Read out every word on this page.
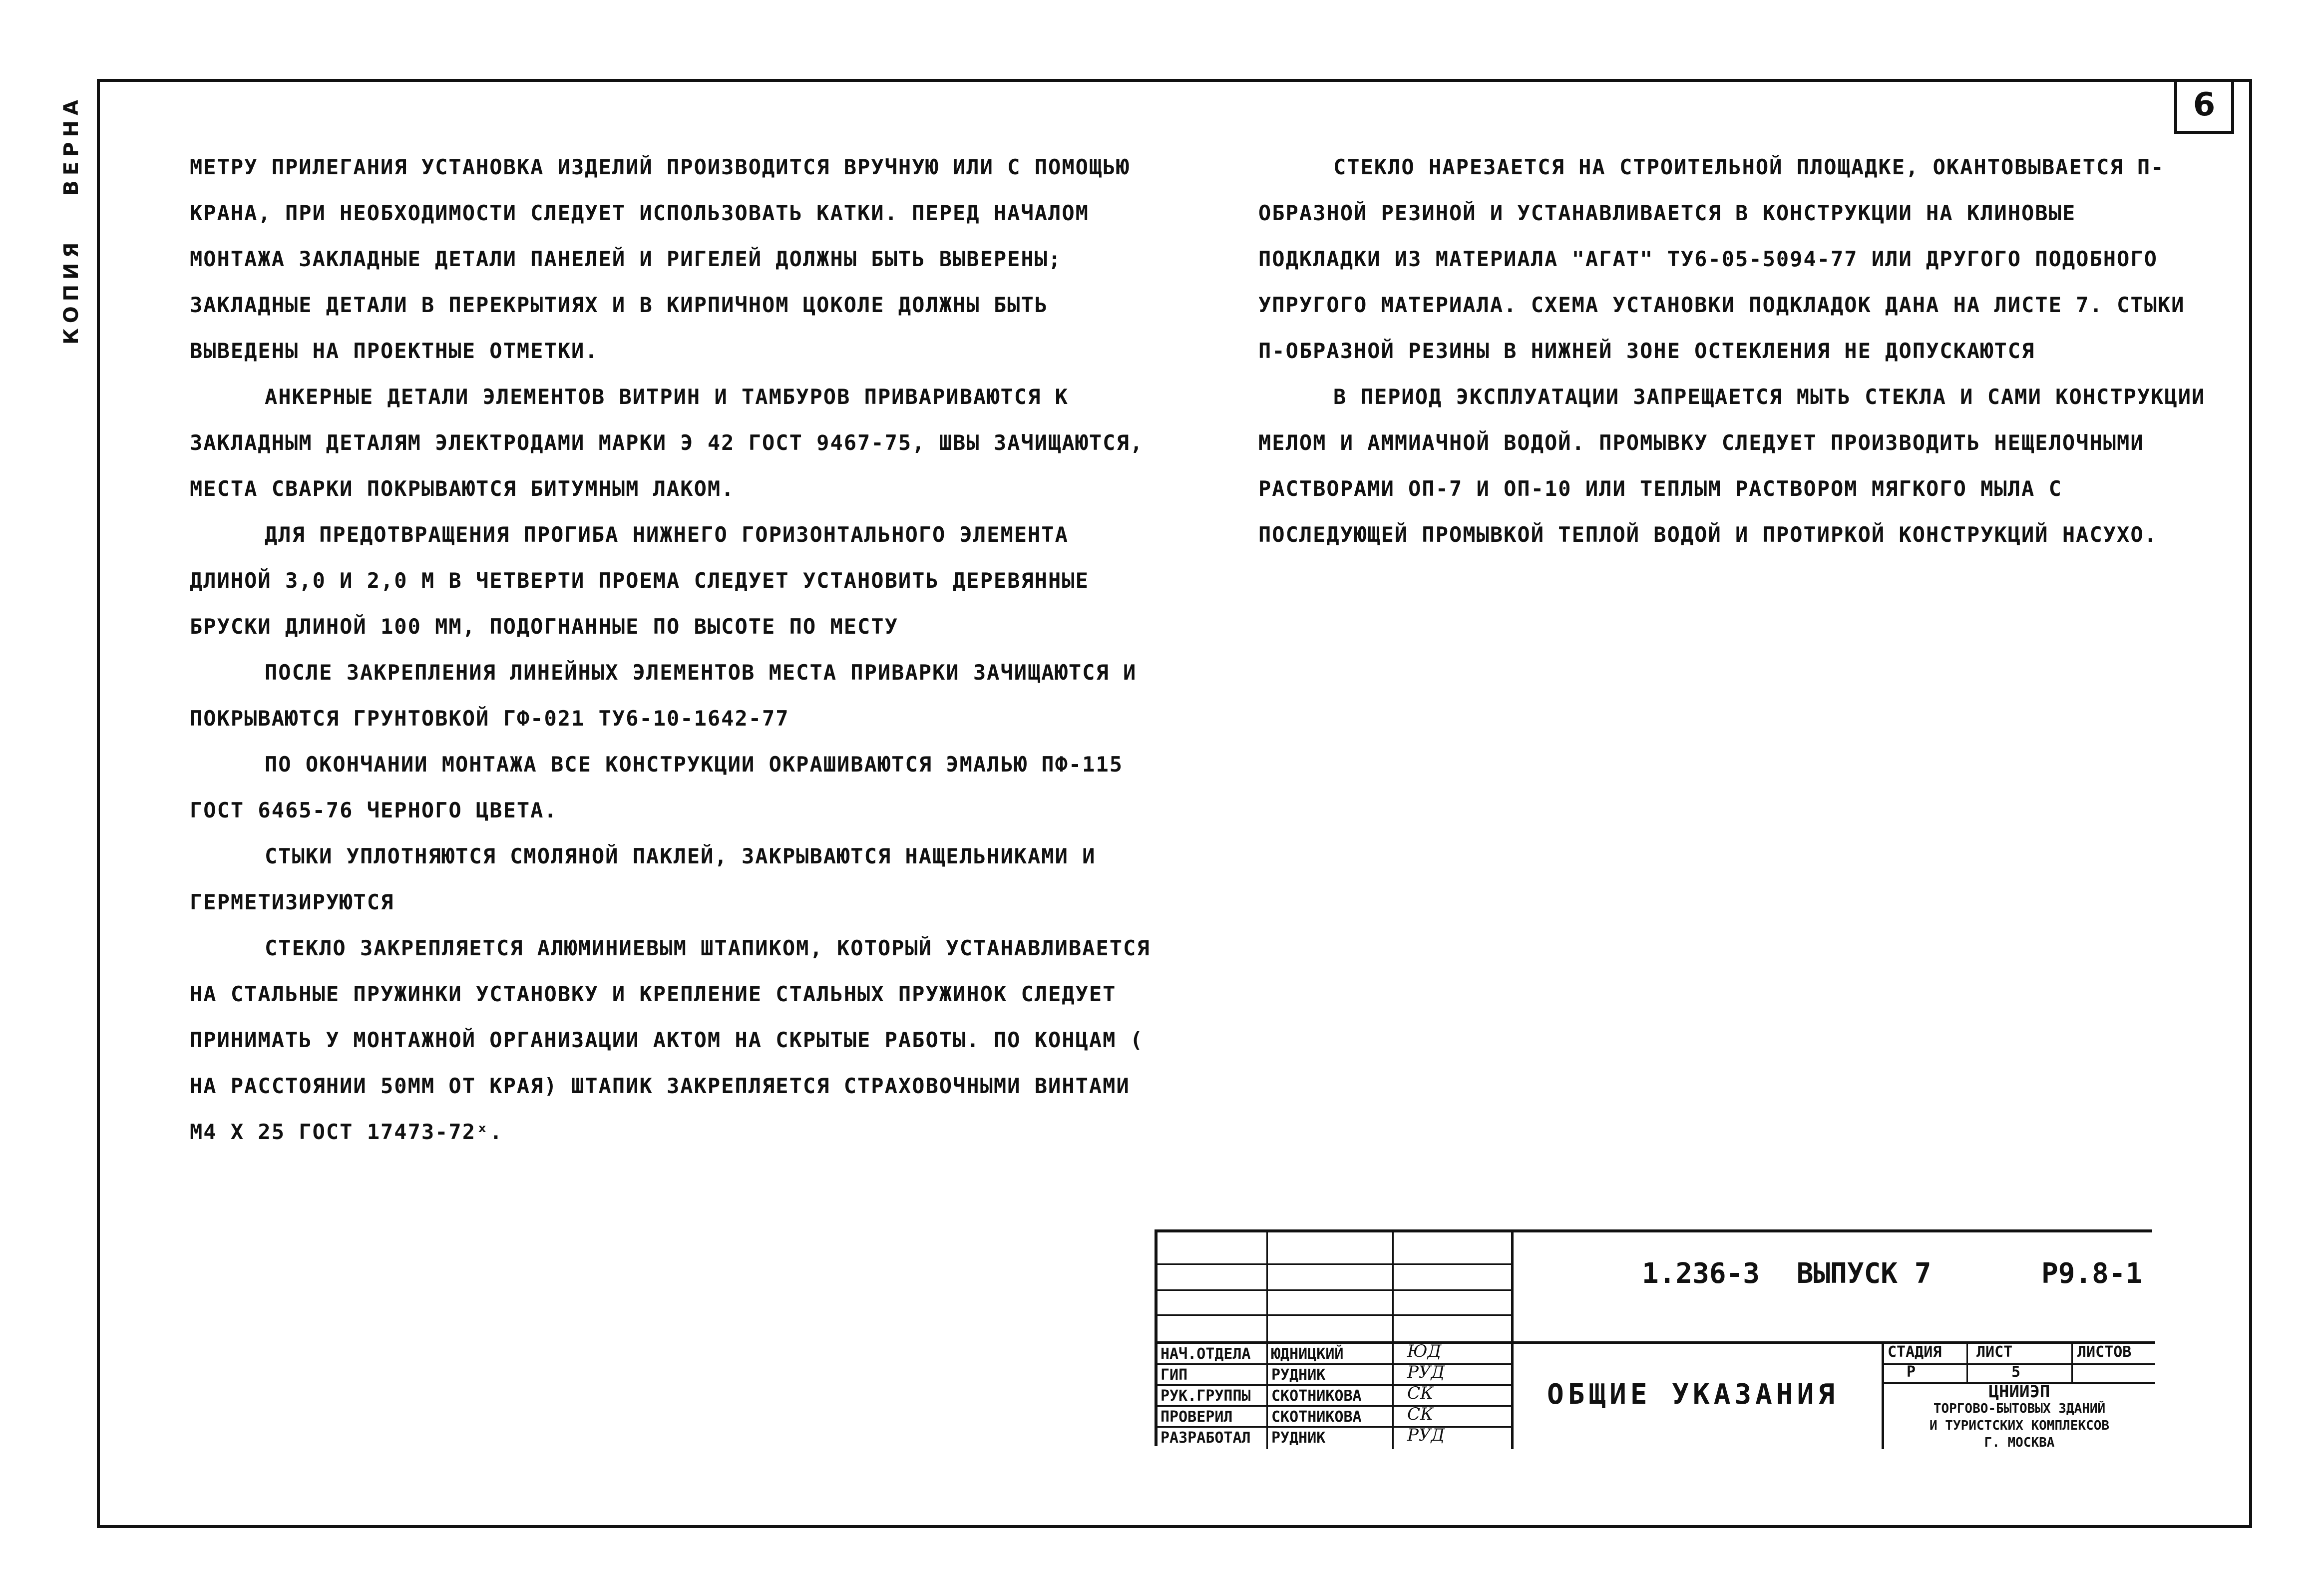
КОПИЯ ВЕРНА	6

МЕТРУ ПРИЛЕГАНИЯ УСТАНОВКА ИЗДЕЛИЙ ПРОИЗВОДИТСЯ ВРУЧНУЮ ИЛИ С ПОМОЩЬЮ КРАНА, ПРИ НЕОБХОДИМОСТИ СЛЕДУЕТ ИСПОЛЬЗОВАТЬ КАТКИ. ПЕРЕД НАЧАЛОМ МОНТАЖА ЗАКЛАДНЫЕ ДЕТАЛИ ПАНЕЛЕЙ И РИГЕЛЕЙ ДОЛЖНЫ БЫТЬ ВЫВЕРЕНЫ; ЗАКЛАДНЫЕ ДЕТАЛИ В ПЕРЕКРЫТИЯХ И В КИРПИЧНОМ ЦОКОЛЕ ДОЛЖНЫ БЫТЬ ВЫВЕДЕНЫ НА ПРОЕКТНЫЕ ОТМЕТКИ.

АНКЕРНЫЕ ДЕТАЛИ ЭЛЕМЕНТОВ ВИТРИН И ТАМБУРОВ ПРИВАРИВАЮТСЯ К ЗАКЛАДНЫМ ДЕТАЛЯМ ЭЛЕКТРОДАМИ МАРКИ Э 42 ГОСТ 9467-75, ШВЫ ЗАЧИЩАЮТСЯ, МЕСТА СВАРКИ ПОКРЫВАЮТСЯ БИТУМНЫМ ЛАКОМ.

ДЛЯ ПРЕДОТВРАЩЕНИЯ ПРОГИБА НИЖНЕГО ГОРИЗОНТАЛЬНОГО ЭЛЕМЕНТА ДЛИНОЙ 3,0 И 2,0 М В ЧЕТВЕРТИ ПРОЕМА СЛЕДУЕТ УСТАНОВИТЬ ДЕРЕВЯННЫЕ БРУСКИ ДЛИНОЙ 100 ММ, ПОДОГНАННЫЕ ПО ВЫСОТЕ ПО МЕСТУ

ПОСЛЕ ЗАКРЕПЛЕНИЯ ЛИНЕЙНЫХ ЭЛЕМЕНТОВ МЕСТА ПРИВАРКИ ЗАЧИЩАЮТСЯ И ПОКРЫВАЮТСЯ ГРУНТОВКОЙ ГФ-021 ТУ6-10-1642-77

ПО ОКОНЧАНИИ МОНТАЖА ВСЕ КОНСТРУКЦИИ ОКРАШИВАЮТСЯ ЭМАЛЬЮ ПФ-115 ГОСТ 6465-76 ЧЕРНОГО ЦВЕТА.

СТЫКИ УПЛОТНЯЮТСЯ СМОЛЯНОЙ ПАКЛЕЙ, ЗАКРЫВАЮТСЯ НАЩЕЛЬНИКАМИ И ГЕРМЕТИЗИРУЮТСЯ

СТЕКЛО ЗАКРЕПЛЯЕТСЯ АЛЮМИНИЕВЫМ ШТАПИКОМ, КОТОРЫЙ УСТАНАВЛИВАЕТСЯ НА СТАЛЬНЫЕ ПРУЖИНКИ УСТАНОВКУ И КРЕПЛЕНИЕ СТАЛЬНЫХ ПРУЖИНОК СЛЕДУЕТ ПРИНИМАТЬ У МОНТАЖНОЙ ОРГАНИЗАЦИИ АКТОМ НА СКРЫТЫЕ РАБОТЫ. ПО КОНЦАМ ( НА РАССТОЯНИИ 50ММ ОТ КРАЯ) ШТАПИК ЗАКРЕПЛЯЕТСЯ СТРАХОВОЧНЫМИ ВИНТАМИ М4 X 25 ГОСТ 17473-72ˣ.

СТЕКЛО НАРЕЗАЕТСЯ НА СТРОИТЕЛЬНОЙ ПЛОЩАДКЕ, ОКАНТОВЫВАЕТСЯ П-ОБРАЗНОЙ РЕЗИНОЙ И УСТАНАВЛИВАЕТСЯ В КОНСТРУКЦИИ НА КЛИНОВЫЕ ПОДКЛАДКИ ИЗ МАТЕРИАЛА "АГАТ" ТУ6-05-5094-77 ИЛИ ДРУГОГО ПОДОБНОГО УПРУГОГО МАТЕРИАЛА. СХЕМА УСТАНОВКИ ПОДКЛАДОК ДАНА НА ЛИСТЕ 7. СТЫКИ П-ОБРАЗНОЙ РЕЗИНЫ В НИЖНЕЙ ЗОНЕ ОСТЕКЛЕНИЯ НЕ ДОПУСКАЮТСЯ

В ПЕРИОД ЭКСПЛУАТАЦИИ ЗАПРЕЩАЕТСЯ МЫТЬ СТЕКЛА И САМИ КОНСТРУКЦИИ МЕЛОМ И АММИАЧНОЙ ВОДОЙ. ПРОМЫВКУ СЛЕДУЕТ ПРОИЗВОДИТЬ НЕЩЕЛОЧНЫМИ РАСТВОРАМИ ОП-7 И ОП-10 ИЛИ ТЕПЛЫМ РАСТВОРОМ МЯГКОГО МЫЛА С ПОСЛЕДУЮЩЕЙ ПРОМЫВКОЙ ТЕПЛОЙ ВОДОЙ И ПРОТИРКОЙ КОНСТРУКЦИЙ НАСУХО.

1.236-3 ВЫПУСК 7	Р9.8-1
ОБЩИЕ УКАЗАНИЯ
СТАДИЯ ЛИСТ	ЛИСТОВ
Р	5
ЦНИИЭП
ТОРГОВО-БЫТОВЫХ ЗДАНИЙ
И ТУРИСТСКИХ КОМПЛЕКСОВ
Г. МОСКВА
НАЧ.ОТДЕЛА ЮДНИЦКИЙ	ЮД
ГИП	РУДНИК	РУД
РУК.ГРУППЫ СКОТНИКОВА	СК
ПРОВЕРИЛ	СКОТНИКОВА	СК
РАЗРАБОТАЛ РУДНИК	РУД
